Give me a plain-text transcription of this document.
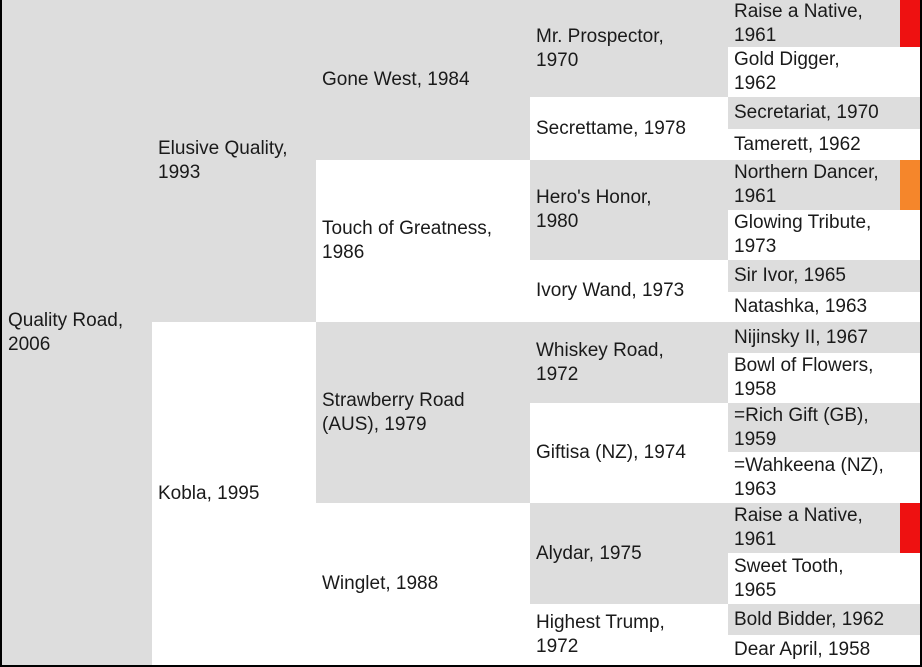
Quality Road, 2006
Elusive Quality, 1993
Kobla, 1995
Gone West, 1984
Touch of Greatness, 1986
Strawberry Road (AUS), 1979
Winglet, 1988
Mr. Prospector, 1970
Secrettame, 1978
Hero's Honor, 1980
Ivory Wand, 1973
Whiskey Road, 1972
Giftisa (NZ), 1974
Alydar, 1975
Highest Trump, 1972
Raise a Native, 1961
Gold Digger, 1962
Secretariat, 1970
Tamerett, 1962
Northern Dancer, 1961
Glowing Tribute, 1973
Sir Ivor, 1965
Natashka, 1963
Nijinsky II, 1967
Bowl of Flowers, 1958
=Rich Gift (GB), 1959
=Wahkeena (NZ), 1963
Raise a Native, 1961
Sweet Tooth, 1965
Bold Bidder, 1962
Dear April, 1958
